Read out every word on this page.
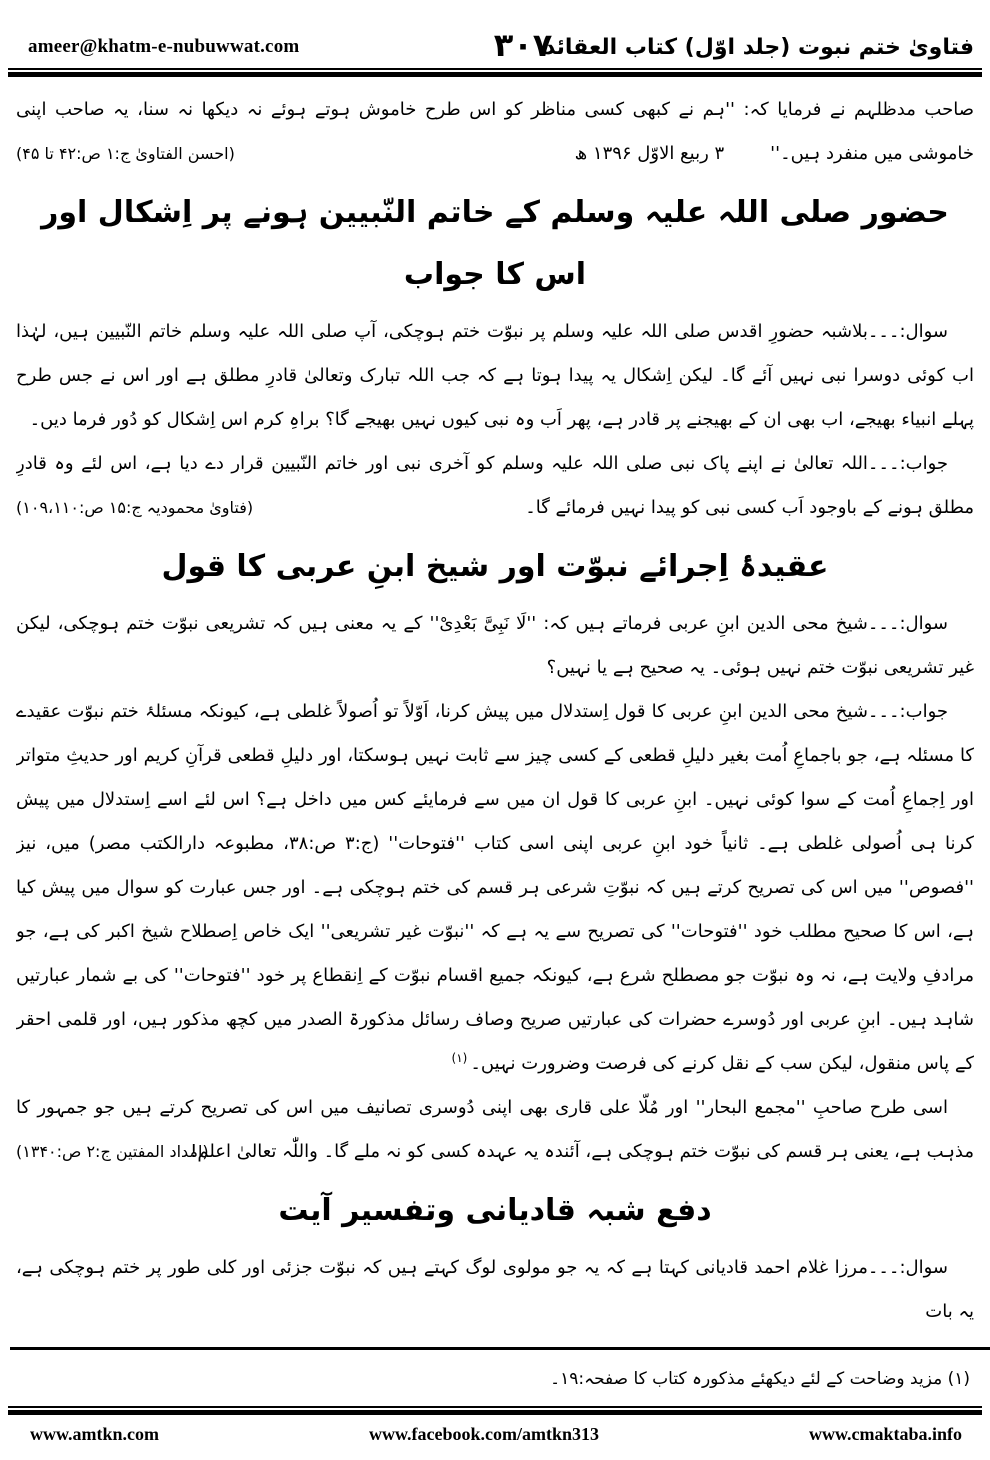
ameer@khatm-e-nubuwwat.com	۳۰۷
فتاویٰ ختم نبوت (جلد اوّل) کتاب العقائد
صاحب مدظلہم نے فرمایا کہ: ''ہم نے کبھی کسی مناظر کو اس طرح خاموش ہوتے ہوئے نہ دیکھا نہ سنا، یہ صاحب اپنی خاموشی میں منفرد ہیں۔''۳ ربیع الاوّل ۱۳۹۶ ھ
(احسن الفتاویٰ ج:۱ ص:۴۲ تا ۴۵)
حضور صلی اللہ علیہ وسلم کے خاتم النّبیین ہونے پر اِشکال اور اس کا جواب
سوال:۔۔۔بلاشبہ حضورِ اقدس صلی اللہ علیہ وسلم پر نبوّت ختم ہوچکی، آپ صلی اللہ علیہ وسلم خاتم النّبیین ہیں، لہٰذا اب کوئی دوسرا نبی نہیں آئے گا۔ لیکن اِشکال یہ پیدا ہوتا ہے کہ جب اللہ تبارک وتعالیٰ قادرِ مطلق ہے اور اس نے جس طرح پہلے انبیاء بھیجے، اب بھی ان کے بھیجنے پر قادر ہے، پھر اَب وہ نبی کیوں نہیں بھیجے گا؟ براہِ کرم اس اِشکال کو دُور فرما دیں۔
جواب:۔۔۔اللہ تعالیٰ نے اپنے پاک نبی صلی اللہ علیہ وسلم کو آخری نبی اور خاتم النّبیین قرار دے دیا ہے، اس لئے وہ قادرِ مطلق ہونے کے باوجود اَب کسی نبی کو پیدا نہیں فرمائے گا۔
(فتاویٰ محمودیہ ج:۱۵ ص:۱۰۹،۱۱۰)
عقیدۂ اِجرائے نبوّت اور شیخ ابنِ عربی کا قول
سوال:۔۔۔شیخ محی الدین ابنِ عربی فرماتے ہیں کہ: ''لَا نَبِیَّ بَعْدِیْ'' کے یہ معنی ہیں کہ تشریعی نبوّت ختم ہوچکی، لیکن غیر تشریعی نبوّت ختم نہیں ہوئی۔ یہ صحیح ہے یا نہیں؟
جواب:۔۔۔شیخ محی الدین ابنِ عربی کا قول اِستدلال میں پیش کرنا، اَوّلاً تو اُصولاً غلطی ہے، کیونکہ مسئلۂ ختم نبوّت عقیدے کا مسئلہ ہے، جو باجماعِ اُمت بغیر دلیلِ قطعی کے کسی چیز سے ثابت نہیں ہوسکتا، اور دلیلِ قطعی قرآنِ کریم اور حدیثِ متواتر اور اِجماعِ اُمت کے سوا کوئی نہیں۔ ابنِ عربی کا قول ان میں سے فرمایئے کس میں داخل ہے؟ اس لئے اسے اِستدلال میں پیش کرنا ہی اُصولی غلطی ہے۔ ثانیاً خود ابنِ عربی اپنی اسی کتاب ''فتوحات'' (ج:۳ ص:۳۸، مطبوعہ دارالکتب مصر) میں، نیز ''فصوص'' میں اس کی تصریح کرتے ہیں کہ نبوّتِ شرعی ہر قسم کی ختم ہوچکی ہے۔ اور جس عبارت کو سوال میں پیش کیا ہے، اس کا صحیح مطلب خود ''فتوحات'' کی تصریح سے یہ ہے کہ ''نبوّت غیر تشریعی'' ایک خاص اِصطلاح شیخ اکبر کی ہے، جو مرادفِ ولایت ہے، نہ وہ نبوّت جو مصطلح شرع ہے، کیونکہ جمیع اقسام نبوّت کے اِنقطاع پر خود ''فتوحات'' کی بے شمار عبارتیں شاہد ہیں۔ ابنِ عربی اور دُوسرے حضرات کی عبارتیں صریح وصاف رسائل مذکورۃ الصدر میں کچھ مذکور ہیں، اور قلمی احقر کے پاس منقول، لیکن سب کے نقل کرنے کی فرصت وضرورت نہیں۔$^{(۱)}$
اسی طرح صاحبِ ''مجمع البحار'' اور مُلّا علی قاری بھی اپنی دُوسری تصانیف میں اس کی تصریح کرتے ہیں جو جمہور کا مذہب ہے، یعنی ہر قسم کی نبوّت ختم ہوچکی ہے، آئندہ یہ عہدہ کسی کو نہ ملے گا۔ واللّٰہ تعالیٰ اعلم!
(امداد المفتین ج:۲ ص:۱۳۴۰)
دفع شبہ قادیانی وتفسیر آیت
سوال:۔۔۔مرزا غلام احمد قادیانی کہتا ہے کہ یہ جو مولوی لوگ کہتے ہیں کہ نبوّت جزئی اور کلی طور پر ختم ہوچکی ہے، یہ بات
(۱) مزید وضاحت کے لئے دیکھئے مذکورہ کتاب کا صفحہ:۱۹۔
www.amtkn.com	www.facebook.com/amtkn313	www.cmaktaba.info
